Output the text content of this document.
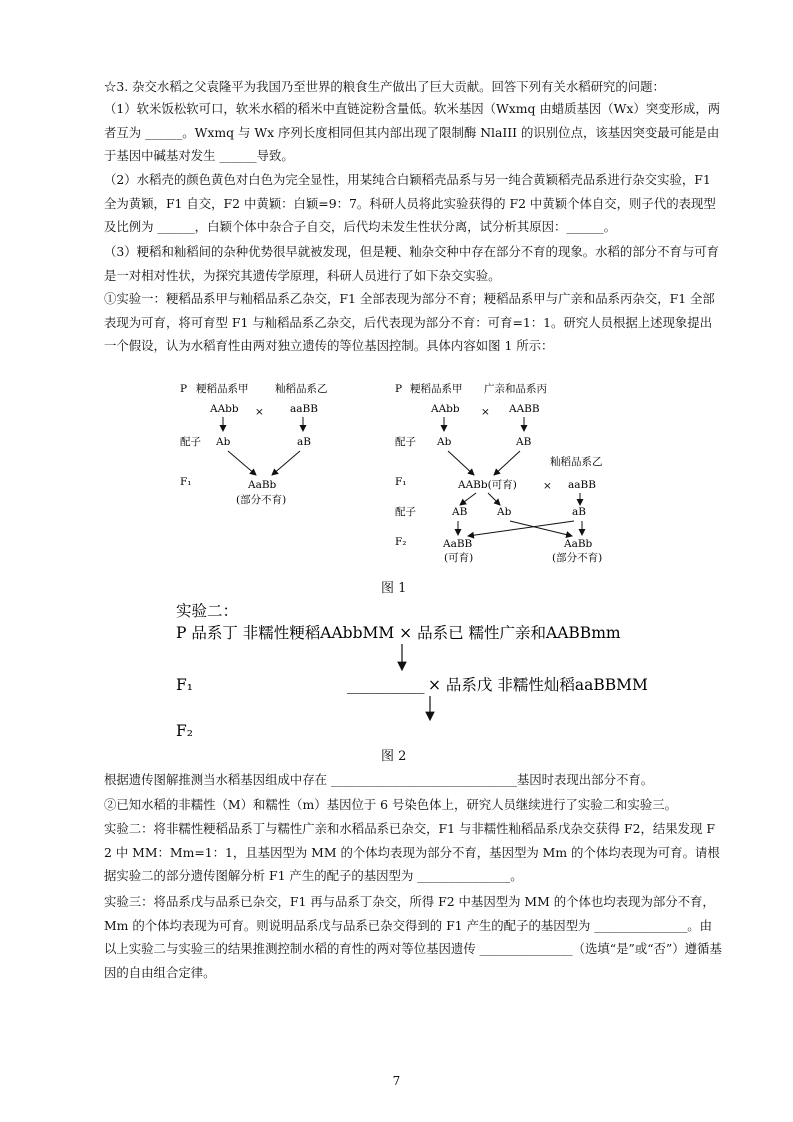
☆3. 杂交水稻之父袁隆平为我国乃至世界的粮食生产做出了巨大贡献。回答下列有关水稻研究的问题：
（1）软米饭松软可口，软米水稻的稻米中直链淀粉含量低。软米基因（Wxmq 由蜡质基因（Wx）突变形成，两者互为 ______。Wxmq 与 Wx 序列长度相同但其内部出现了限制酶 NlaIII 的识别位点，该基因突变最可能是由于基因中碱基对发生 ______导致。
（2）水稻壳的颜色黄色对白色为完全显性，用某纯合白颖稻壳品系与另一纯合黄颖稻壳品系进行杂交实验，F1 全为黄颖，F1 自交，F2 中黄颖：白颖=9：7。科研人员将此实验获得的 F2 中黄颖个体自交，则子代的表现型及比例为 ______，白颖个体中杂合子自交，后代均未发生性状分离，试分析其原因：______。
（3）粳稻和籼稻间的杂种优势很早就被发现，但是粳、籼杂交种中存在部分不育的现象。水稻的部分不育与可育是一对相对性状，为探究其遗传学原理，科研人员进行了如下杂交实验。
①实验一：粳稻品系甲与籼稻品系乙杂交，F1 全部表现为部分不育；粳稻品系甲与广亲和品系丙杂交，F1 全部表现为可育，将可育型 F1 与籼稻品系乙杂交，后代表现为部分不育：可育=1：1。研究人员根据上述现象提出一个假设，认为水稻育性由两对独立遗传的等位基因控制。具体内容如图 1 所示：
P 粳稻品系甲	籼稻品系乙
AAbb × aaBB
配子 Ab	aB
F₁	AaBb
(部分不育)
P 粳稻品系甲 广亲和品系丙
AAbb × AABB
配子 Ab	AB
籼稻品系乙
F₁	AABb(可育) × aaBB
配子	AB	Ab	aB
F₂	AaBB
(可育)
AaBb
(部分不育)
图 1
实验二：
P 品系丁 非糯性粳稻AAbbMM × 品系已 糯性广亲和AABBmm
F₁	__________ × 品系戊 非糯性灿稻aaBBMM
F₂
图 2
根据遗传图解推测当水稻基因组成中存在 ______________________________基因时表现出部分不育。
②已知水稻的非糯性（M）和糯性（m）基因位于 6 号染色体上，研究人员继续进行了实验二和实验三。
实验二：将非糯性粳稻品系丁与糯性广亲和水稻品系已杂交，F1 与非糯性籼稻品系戊杂交获得 F2，结果发现 F2 中 MM：Mm=1：1，且基因型为 MM 的个体均表现为部分不育，基因型为 Mm 的个体均表现为可育。请根据实验二的部分遗传图解分析 F1 产生的配子的基因型为 _______________。
实验三：将品系戊与品系已杂交，F1 再与品系丁杂交，所得 F2 中基因型为 MM 的个体也均表现为部分不育，Mm 的个体均表现为可育。则说明品系戊与品系已杂交得到的 F1 产生的配子的基因型为 _______________。由以上实验二与实验三的结果推测控制水稻的育性的两对等位基因遗传 _______________（选填“是”或“否”）遵循基因的自由组合定律。
7
